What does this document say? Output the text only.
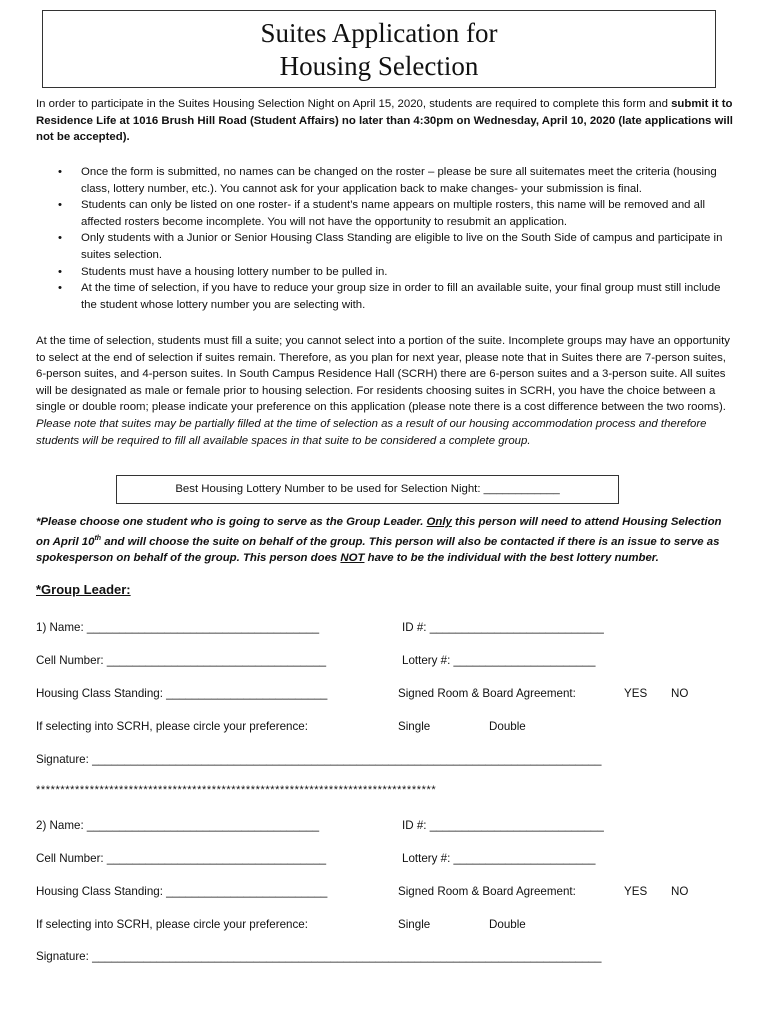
Suites Application for
Housing Selection
In order to participate in the Suites Housing Selection Night on April 15, 2020, students are required to complete this form and submit it to Residence Life at 1016 Brush Hill Road (Student Affairs) no later than 4:30pm on Wednesday, April 10, 2020 (late applications will not be accepted).
• Once the form is submitted, no names can be changed on the roster – please be sure all suitemates meet the criteria (housing class, lottery number, etc.). You cannot ask for your application back to make changes- your submission is final.
• Students can only be listed on one roster- if a student’s name appears on multiple rosters, this name will be removed and all affected rosters become incomplete. You will not have the opportunity to resubmit an application.
• Only students with a Junior or Senior Housing Class Standing are eligible to live on the South Side of campus and participate in suites selection.
• Students must have a housing lottery number to be pulled in.
• At the time of selection, if you have to reduce your group size in order to fill an available suite, your final group must still include the student whose lottery number you are selecting with.
At the time of selection, students must fill a suite; you cannot select into a portion of the suite. Incomplete groups may have an opportunity to select at the end of selection if suites remain. Therefore, as you plan for next year, please note that in Suites there are 7-person suites, 6-person suites, and 4-person suites. In South Campus Residence Hall (SCRH) there are 6-person suites and a 3-person suite. All suites will be designated as male or female prior to housing selection. For residents choosing suites in SCRH, you have the choice between a single or double room; please indicate your preference on this application (please note there is a cost difference between the two rooms). Please note that suites may be partially filled at the time of selection as a result of our housing accommodation process and therefore students will be required to fill all available spaces in that suite to be considered a complete group.
Best Housing Lottery Number to be used for Selection Night: ____________
*Please choose one student who is going to serve as the Group Leader. Only this person will need to attend Housing Selection on April 10th and will choose the suite on behalf of the group. This person will also be contacted if there is an issue to serve as spokesperson on behalf of the group. This person does NOT have to be the individual with the best lottery number.
*Group Leader:
1) Name: ____________________________________	ID #: ___________________________
Cell Number: __________________________________	Lottery #: ______________________
Housing Class Standing: _________________________	Signed Room & Board Agreement:	YES NO
If selecting into SCRH, please circle your preference:	Single	Double
Signature: _______________________________________________________________________________
**********************************************************************************
2) Name: ____________________________________	ID #: ___________________________
Cell Number: __________________________________	Lottery #: ______________________
Housing Class Standing: _________________________	Signed Room & Board Agreement:	YES NO
If selecting into SCRH, please circle your preference:	Single	Double
Signature: _______________________________________________________________________________
